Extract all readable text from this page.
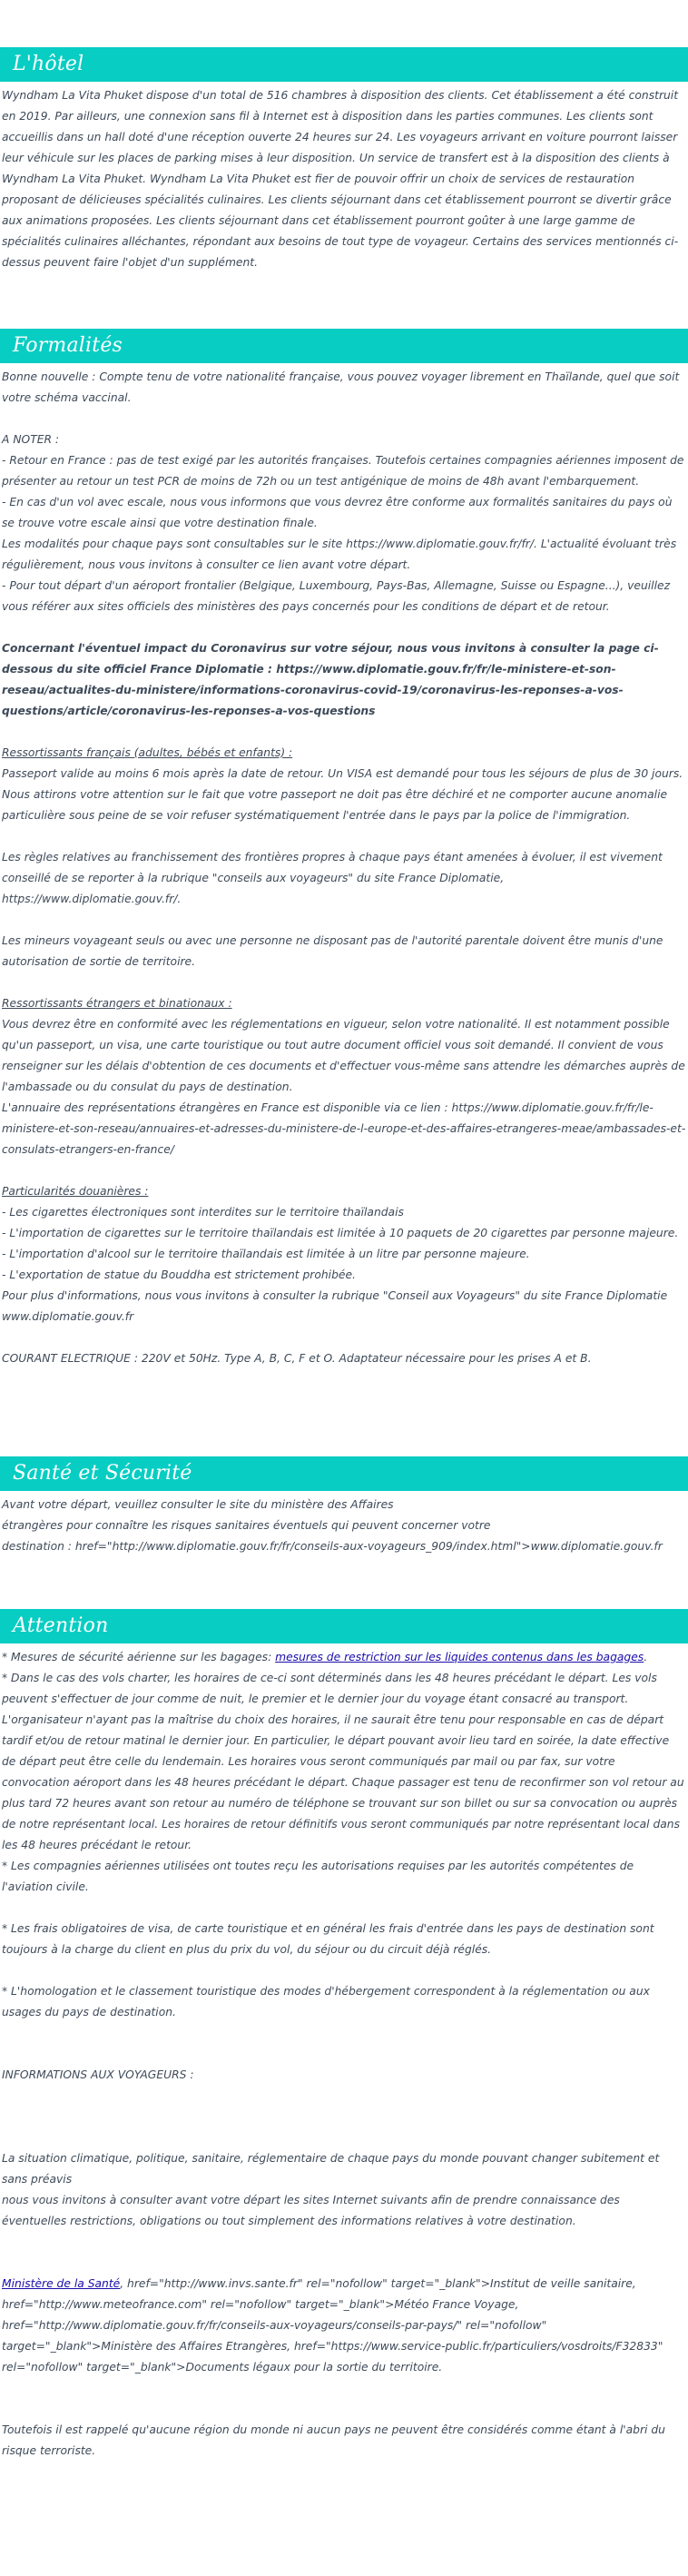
L'hôtel

Wyndham La Vita Phuket dispose d'un total de 516 chambres à disposition des clients. Cet établissement a été construit en 2019. Par ailleurs, une connexion sans fil à Internet est à disposition dans les parties communes. Les clients sont accueillis dans un hall doté d'une réception ouverte 24 heures sur 24. Les voyageurs arrivant en voiture pourront laisser leur véhicule sur les places de parking mises à leur disposition. Un service de transfert est à la disposition des clients à Wyndham La Vita Phuket. Wyndham La Vita Phuket est fier de pouvoir offrir un choix de services de restauration proposant de délicieuses spécialités culinaires. Les clients séjournant dans cet établissement pourront se divertir grâce aux animations proposées. Les clients séjournant dans cet établissement pourront goûter à une large gamme de spécialités culinaires alléchantes, répondant aux besoins de tout type de voyageur. Certains des services mentionnés ci-dessus peuvent faire l'objet d'un supplément.

Formalités

Bonne nouvelle : Compte tenu de votre nationalité française, vous pouvez voyager librement en Thaïlande, quel que soit votre schéma vaccinal.

A NOTER :

- Retour en France : pas de test exigé par les autorités françaises. Toutefois certaines compagnies aériennes imposent de présenter au retour un test PCR de moins de 72h ou un test antigénique de moins de 48h avant l'embarquement.

- En cas d'un vol avec escale, nous vous informons que vous devrez être conforme aux formalités sanitaires du pays où se trouve votre escale ainsi que votre destination finale.

Les modalités pour chaque pays sont consultables sur le site https://www.diplomatie.gouv.fr/fr/. L'actualité évoluant très régulièrement, nous vous invitons à consulter ce lien avant votre départ.

- Pour tout départ d'un aéroport frontalier (Belgique, Luxembourg, Pays-Bas, Allemagne, Suisse ou Espagne...), veuillez vous référer aux sites officiels des ministères des pays concernés pour les conditions de départ et de retour.

Concernant l'éventuel impact du Coronavirus sur votre séjour, nous vous invitons à consulter la page ci-dessous du site officiel France Diplomatie : https://www.diplomatie.gouv.fr/fr/le-ministere-et-son-reseau/actualites-du-ministere/informations-coronavirus-covid-19/coronavirus-les-reponses-a-vos-questions/article/coronavirus-les-reponses-a-vos-questions

Ressortissants français (adultes, bébés et enfants) :

Passeport valide au moins 6 mois après la date de retour. Un VISA est demandé pour tous les séjours de plus de 30 jours. Nous attirons votre attention sur le fait que votre passeport ne doit pas être déchiré et ne comporter aucune anomalie particulière sous peine de se voir refuser systématiquement l'entrée dans le pays par la police de l'immigration.

Les règles relatives au franchissement des frontières propres à chaque pays étant amenées à évoluer, il est vivement conseillé de se reporter à la rubrique "conseils aux voyageurs" du site France Diplomatie, https://www.diplomatie.gouv.fr/.

Les mineurs voyageant seuls ou avec une personne ne disposant pas de l'autorité parentale doivent être munis d'une autorisation de sortie de territoire.

Ressortissants étrangers et binationaux :

Vous devrez être en conformité avec les réglementations en vigueur, selon votre nationalité. Il est notamment possible qu'un passeport, un visa, une carte touristique ou tout autre document officiel vous soit demandé. Il convient de vous renseigner sur les délais d'obtention de ces documents et d'effectuer vous-même sans attendre les démarches auprès de l'ambassade ou du consulat du pays de destination.

L'annuaire des représentations étrangères en France est disponible via ce lien : https://www.diplomatie.gouv.fr/fr/le-ministere-et-son-reseau/annuaires-et-adresses-du-ministere-de-l-europe-et-des-affaires-etrangeres-meae/ambassades-et-consulats-etrangers-en-france/

Particularités douanières :

- Les cigarettes électroniques sont interdites sur le territoire thaïlandais

- L'importation de cigarettes sur le territoire thaïlandais est limitée à 10 paquets de 20 cigarettes par personne majeure.

- L'importation d'alcool sur le territoire thaïlandais est limitée à un litre par personne majeure.

- L'exportation de statue du Bouddha est strictement prohibée.

Pour plus d'informations, nous vous invitons à consulter la rubrique "Conseil aux Voyageurs" du site France Diplomatie www.diplomatie.gouv.fr

COURANT ELECTRIQUE : 220V et 50Hz. Type A, B, C, F et O. Adaptateur nécessaire pour les prises A et B.

Santé et Sécurité

Avant votre départ, veuillez consulter le site du ministère des Affaires

étrangères pour connaître les risques sanitaires éventuels qui peuvent concerner votre

destination : href="http://www.diplomatie.gouv.fr/fr/conseils-aux-voyageurs_909/index.html">www.diplomatie.gouv.fr

Attention

* Mesures de sécurité aérienne sur les bagages: mesures de restriction sur les liquides contenus dans les bagages.

* Dans le cas des vols charter, les horaires de ce-ci sont déterminés dans les 48 heures précédant le départ. Les vols peuvent s'effectuer de jour comme de nuit, le premier et le dernier jour du voyage étant consacré au transport. L'organisateur n'ayant pas la maîtrise du choix des horaires, il ne saurait être tenu pour responsable en cas de départ tardif et/ou de retour matinal le dernier jour. En particulier, le départ pouvant avoir lieu tard en soirée, la date effective de départ peut être celle du lendemain. Les horaires vous seront communiqués par mail ou par fax, sur votre convocation aéroport dans les 48 heures précédant le départ. Chaque passager est tenu de reconfirmer son vol retour au plus tard 72 heures avant son retour au numéro de téléphone se trouvant sur son billet ou sur sa convocation ou auprès de notre représentant local. Les horaires de retour définitifs vous seront communiqués par notre représentant local dans les 48 heures précédant le retour.

* Les compagnies aériennes utilisées ont toutes reçu les autorisations requises par les autorités compétentes de l'aviation civile.

* Les frais obligatoires de visa, de carte touristique et en général les frais d'entrée dans les pays de destination sont toujours à la charge du client en plus du prix du vol, du séjour ou du circuit déjà réglés.

* L'homologation et le classement touristique des modes d'hébergement correspondent à la réglementation ou aux usages du pays de destination.

INFORMATIONS AUX VOYAGEURS :

La situation climatique, politique, sanitaire, réglementaire de chaque pays du monde pouvant changer subitement et sans préavis

nous vous invitons à consulter avant votre départ les sites Internet suivants afin de prendre connaissance des éventuelles restrictions, obligations ou tout simplement des informations relatives à votre destination.

Ministère de la Santé, href="http://www.invs.sante.fr" rel="nofollow" target="_blank">Institut de veille sanitaire, href="http://www.meteofrance.com" rel="nofollow" target="_blank">Météo France Voyage, href="http://www.diplomatie.gouv.fr/fr/conseils-aux-voyageurs/conseils-par-pays/" rel="nofollow" target="_blank">Ministère des Affaires Etrangères, href="https://www.service-public.fr/particuliers/vosdroits/F32833" rel="nofollow" target="_blank">Documents légaux pour la sortie du territoire.

Toutefois il est rappelé qu'aucune région du monde ni aucun pays ne peuvent être considérés comme étant à l'abri du risque terroriste.
